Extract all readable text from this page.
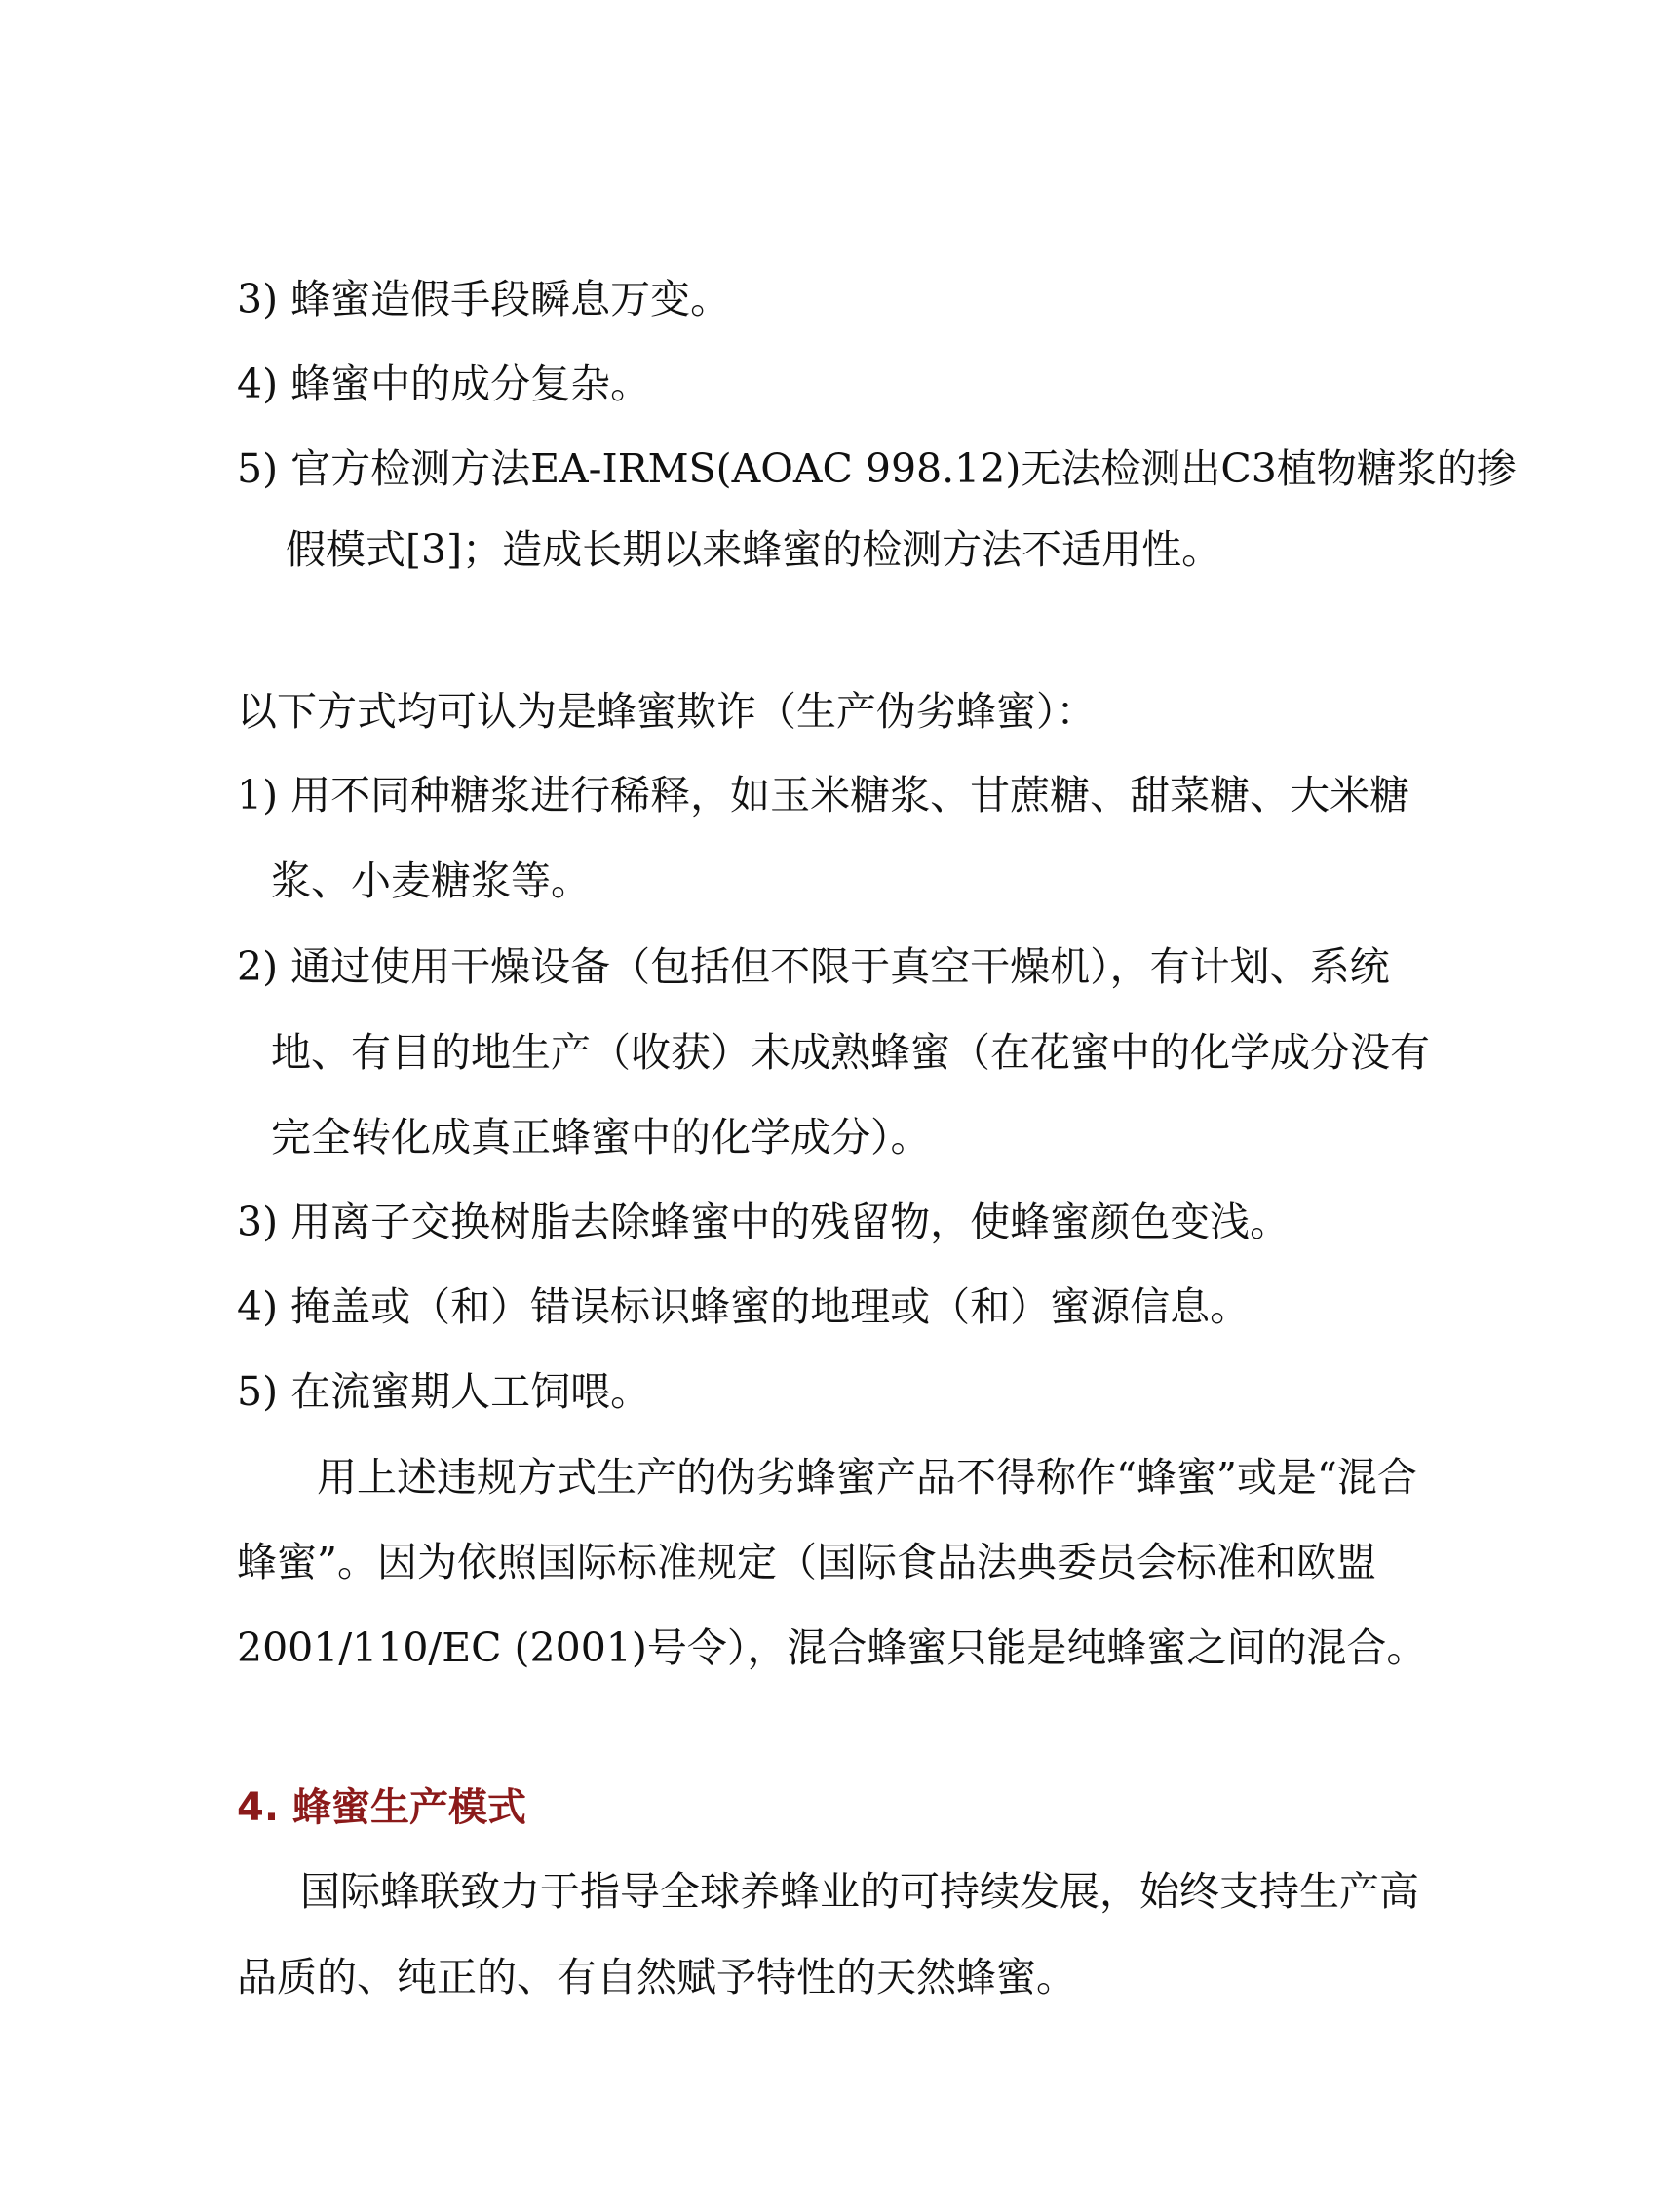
3) 蜂蜜造假手段瞬息万变。
4) 蜂蜜中的成分复杂。
5) 官方检测方法EA-IRMS(AOAC 998.12)无法检测出C3植物糖浆的掺
假模式[3]；造成长期以来蜂蜜的检测方法不适用性。
以下方式均可认为是蜂蜜欺诈（生产伪劣蜂蜜）：
1) 用不同种糖浆进行稀释，如玉米糖浆、甘蔗糖、甜菜糖、大米糖
浆、小麦糖浆等。
2) 通过使用干燥设备（包括但不限于真空干燥机），有计划、系统
地、有目的地生产（收获）未成熟蜂蜜（在花蜜中的化学成分没有
完全转化成真正蜂蜜中的化学成分）。
3) 用离子交换树脂去除蜂蜜中的残留物，使蜂蜜颜色变浅。
4) 掩盖或（和）错误标识蜂蜜的地理或（和）蜜源信息。
5) 在流蜜期人工饲喂。
用上述违规方式生产的伪劣蜂蜜产品不得称作“蜂蜜”或是“混合
蜂蜜”。因为依照国际标准规定（国际食品法典委员会标准和欧盟
2001/110/EC (2001)号令），混合蜂蜜只能是纯蜂蜜之间的混合。
4. 蜂蜜生产模式
国际蜂联致力于指导全球养蜂业的可持续发展，始终支持生产高
品质的、纯正的、有自然赋予特性的天然蜂蜜。
